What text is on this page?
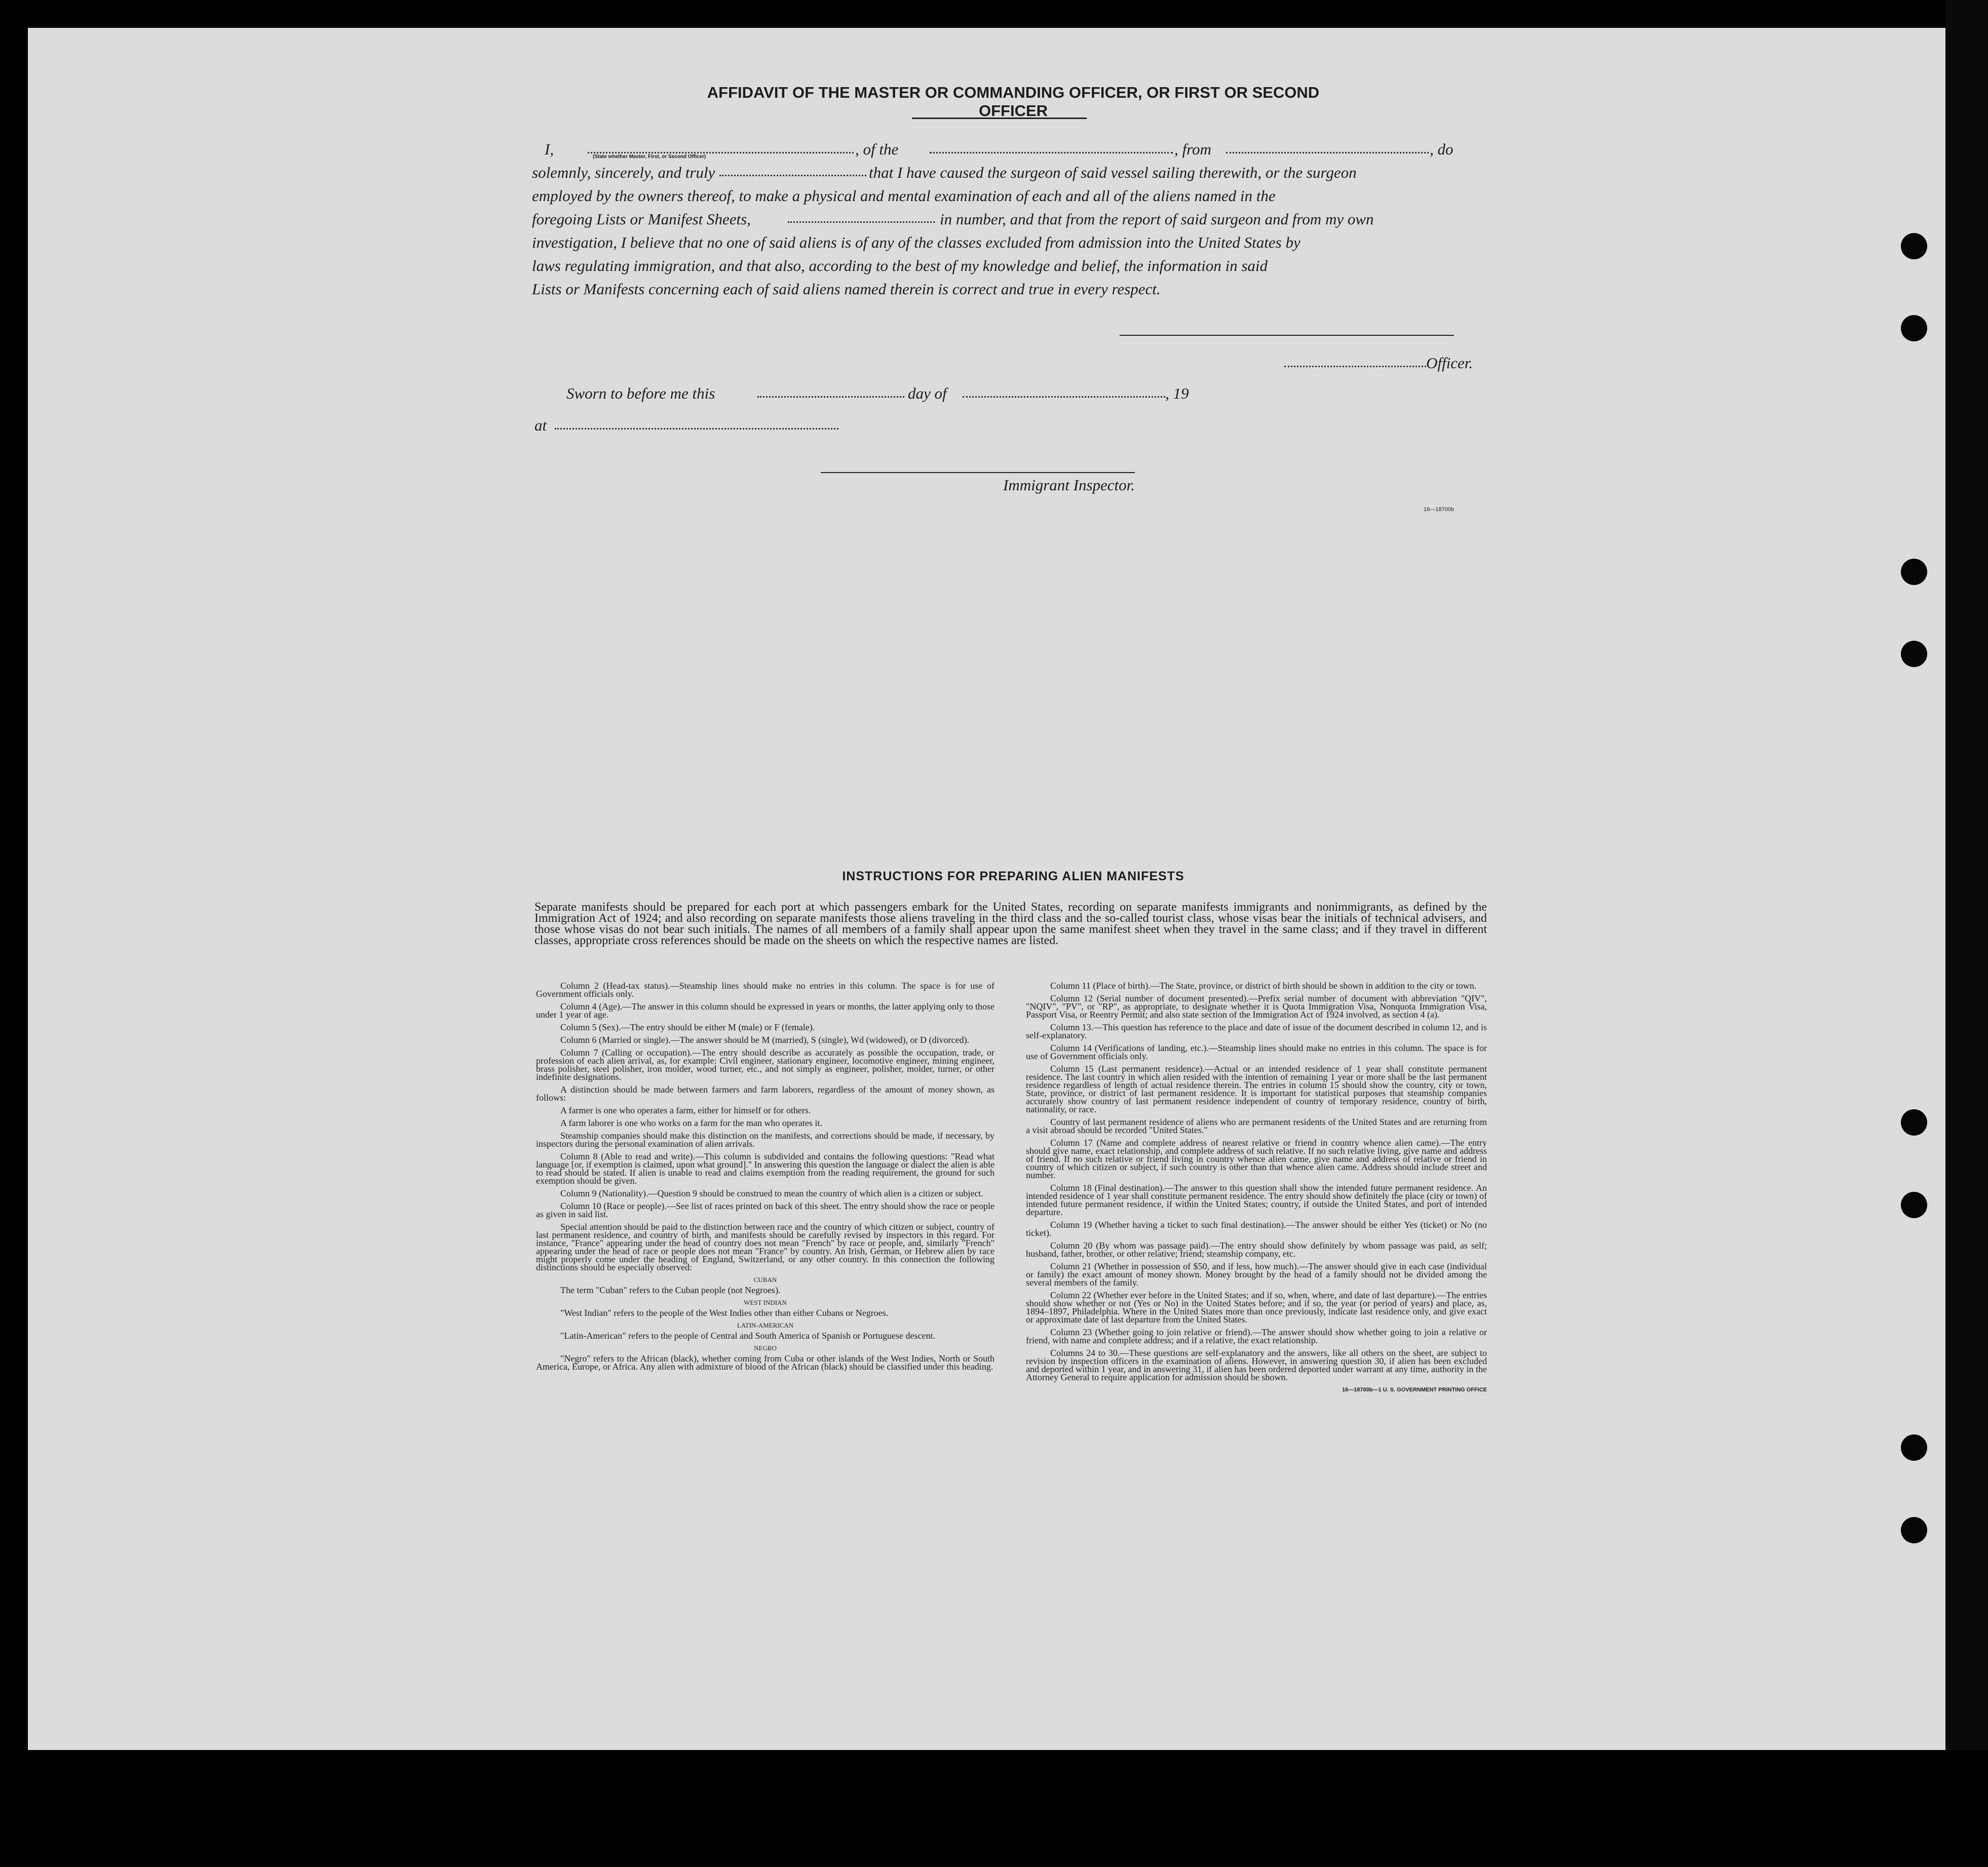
AFFIDAVIT OF THE MASTER OR COMMANDING OFFICER, OR FIRST OR SECOND OFFICER
I,	(State whether Master, First, or Second Officer)	, of the	, from	, do
solemnly, sincerely, and truly	that I have caused the surgeon of said vessel sailing therewith, or the surgeon
employed by the owners thereof, to make a physical and mental examination of each and all of the aliens named in the
foregoing Lists or Manifest Sheets,	in number, and that from the report of said surgeon and from my own
investigation, I believe that no one of said aliens is of any of the classes excluded from admission into the United States by
laws regulating immigration, and that also, according to the best of my knowledge and belief, the information in said
Lists or Manifests concerning each of said aliens named therein is correct and true in every respect.
Officer.
Sworn to before me this	day of	, 19
at
Immigrant Inspector.
16—18700b
INSTRUCTIONS FOR PREPARING ALIEN MANIFESTS
Separate manifests should be prepared for each port at which passengers embark for the United States, recording on separate manifests immigrants and nonimmigrants, as defined by the Immigration Act of 1924; and also recording on separate manifests those aliens traveling in the third class and the so-called tourist class, whose visas bear the initials of technical advisers, and those whose visas do not bear such initials. The names of all members of a family shall appear upon the same manifest sheet when they travel in the same class; and if they travel in different classes, appropriate cross references should be made on the sheets on which the respective names are listed.

Column 2 (Head-tax status).—Steamship lines should make no entries in this column. The space is for use of Government officials only.

Column 4 (Age).—The answer in this column should be expressed in years or months, the latter applying only to those under 1 year of age.

Column 5 (Sex).—The entry should be either M (male) or F (female).

Column 6 (Married or single).—The answer should be M (married), S (single), Wd (widowed), or D (divorced).

Column 7 (Calling or occupation).—The entry should describe as accurately as possible the occupation, trade, or profession of each alien arrival, as, for example: Civil engineer, stationary engineer, locomotive engineer, mining engineer, brass polisher, steel polisher, iron molder, wood turner, etc., and not simply as engineer, polisher, molder, turner, or other indefinite designations.

A distinction should be made between farmers and farm laborers, regardless of the amount of money shown, as follows:

A farmer is one who operates a farm, either for himself or for others.

A farm laborer is one who works on a farm for the man who operates it.

Steamship companies should make this distinction on the manifests, and corrections should be made, if necessary, by inspectors during the personal examination of alien arrivals.

Column 8 (Able to read and write).—This column is subdivided and contains the following questions: "Read what language [or, if exemption is claimed, upon what ground]." In answering this question the language or dialect the alien is able to read should be stated. If alien is unable to read and claims exemption from the reading requirement, the ground for such exemption should be given.

Column 9 (Nationality).—Question 9 should be construed to mean the country of which alien is a citizen or subject.

Column 10 (Race or people).—See list of races printed on back of this sheet. The entry should show the race or people as given in said list.

Special attention should be paid to the distinction between race and the country of which citizen or subject, country of last permanent residence, and country of birth, and manifests should be carefully revised by inspectors in this regard. For instance, "France" appearing under the head of country does not mean "French" by race or people, and, similarly "French" appearing under the head of race or people does not mean "France" by country. An Irish, German, or Hebrew alien by race might properly come under the heading of England, Switzerland, or any other country. In this connection the following distinctions should be especially observed:

CUBAN

The term "Cuban" refers to the Cuban people (not Negroes).

WEST INDIAN

"West Indian" refers to the people of the West Indies other than either Cubans or Negroes.

LATIN-AMERICAN

"Latin-American" refers to the people of Central and South America of Spanish or Portuguese descent.

NEGRO

"Negro" refers to the African (black), whether coming from Cuba or other islands of the West Indies, North or South America, Europe, or Africa. Any alien with admixture of blood of the African (black) should be classified under this heading.

Column 11 (Place of birth).—The State, province, or district of birth should be shown in addition to the city or town.

Column 12 (Serial number of document presented).—Prefix serial number of document with abbreviation "QIV", "NQIV", "PV", or "RP", as appropriate, to designate whether it is Quota Immigration Visa, Nonquota Immigration Visa, Passport Visa, or Reentry Permit; and also state section of the Immigration Act of 1924 involved, as section 4 (a).

Column 13.—This question has reference to the place and date of issue of the document described in column 12, and is self-explanatory.

Column 14 (Verifications of landing, etc.).—Steamship lines should make no entries in this column. The space is for use of Government officials only.

Column 15 (Last permanent residence).—Actual or an intended residence of 1 year shall constitute permanent residence. The last country in which alien resided with the intention of remaining 1 year or more shall be the last permanent residence regardless of length of actual residence therein. The entries in column 15 should show the country, city or town, State, province, or district of last permanent residence. It is important for statistical purposes that steamship companies accurately show country of last permanent residence independent of country of temporary residence, country of birth, nationality, or race.

Country of last permanent residence of aliens who are permanent residents of the United States and are returning from a visit abroad should be recorded "United States."

Column 17 (Name and complete address of nearest relative or friend in country whence alien came).—The entry should give name, exact relationship, and complete address of such relative. If no such relative living, give name and address of friend. If no such relative or friend living in country whence alien came, give name and address of relative or friend in country of which citizen or subject, if such country is other than that whence alien came. Address should include street and number.

Column 18 (Final destination).—The answer to this question shall show the intended future permanent residence. An intended residence of 1 year shall constitute permanent residence. The entry should show definitely the place (city or town) of intended future permanent residence, if within the United States; country, if outside the United States, and port of intended departure.

Column 19 (Whether having a ticket to such final destination).—The answer should be either Yes (ticket) or No (no ticket).

Column 20 (By whom was passage paid).—The entry should show definitely by whom passage was paid, as self; husband, father, brother, or other relative; friend; steamship company, etc.

Column 21 (Whether in possession of $50, and if less, how much).—The answer should give in each case (individual or family) the exact amount of money shown. Money brought by the head of a family should not be divided among the several members of the family.

Column 22 (Whether ever before in the United States; and if so, when, where, and date of last departure).—The entries should show whether or not (Yes or No) in the United States before; and if so, the year (or period of years) and place, as, 1894–1897, Philadelphia. Where in the United States more than once previously, indicate last residence only, and give exact or approximate date of last departure from the United States.

Column 23 (Whether going to join relative or friend).—The answer should show whether going to join a relative or friend, with name and complete address; and if a relative, the exact relationship.

Columns 24 to 30.—These questions are self-explanatory and the answers, like all others on the sheet, are subject to revision by inspection officers in the examination of aliens. However, in answering question 30, if alien has been excluded and deported within 1 year, and in answering 31, if alien has been ordered deported under warrant at any time, authority in the Attorney General to require application for admission should be shown.

16—18700b—1 U. S. GOVERNMENT PRINTING OFFICE
